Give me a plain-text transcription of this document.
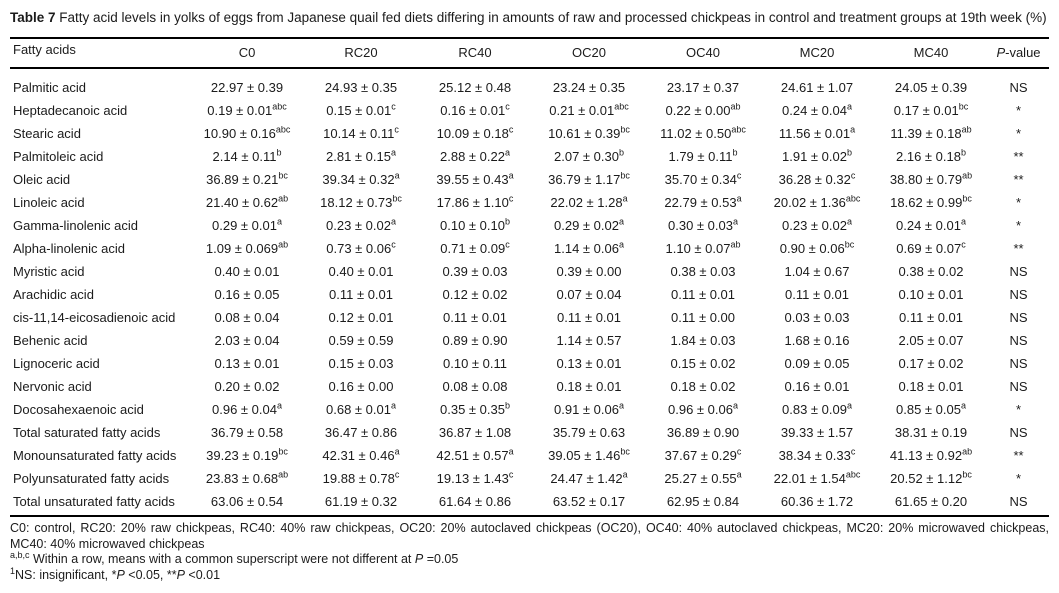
Table 7 Fatty acid levels in yolks of eggs from Japanese quail fed diets differing in amounts of raw and processed chickpeas in control and treatment groups at 19th week (%)
Fatty acids	C0	RC20	RC40	OC20	OC40	MC20	MC40	P-value
Palmitic acid	22.97 ± 0.39	24.93 ± 0.35	25.12 ± 0.48	23.24 ± 0.35	23.17 ± 0.37	24.61 ± 1.07	24.05 ± 0.39	NS
Heptadecanoic acid	0.19 ± 0.01$^{abc}$	0.15 ± 0.01$^c$	0.16 ± 0.01$^c$	0.21 ± 0.01$^{abc}$	0.22 ± 0.00$^{ab}$	0.24 ± 0.04$^a$	0.17 ± 0.01$^{bc}$	*
Stearic acid	10.90 ± 0.16$^{abc}$	10.14 ± 0.11$^c$	10.09 ± 0.18$^c$	10.61 ± 0.39$^{bc}$	11.02 ± 0.50$^{abc}$	11.56 ± 0.01$^a$	11.39 ± 0.18$^{ab}$	*
Palmitoleic acid	2.14 ± 0.11$^b$	2.81 ± 0.15$^a$	2.88 ± 0.22$^a$	2.07 ± 0.30$^b$	1.79 ± 0.11$^b$	1.91 ± 0.02$^b$	2.16 ± 0.18$^b$	**
Oleic acid	36.89 ± 0.21$^{bc}$	39.34 ± 0.32$^a$	39.55 ± 0.43$^a$	36.79 ± 1.17$^{bc}$	35.70 ± 0.34$^c$	36.28 ± 0.32$^c$	38.80 ± 0.79$^{ab}$	**
Linoleic acid	21.40 ± 0.62$^{ab}$	18.12 ± 0.73$^{bc}$	17.86 ± 1.10$^c$	22.02 ± 1.28$^a$	22.79 ± 0.53$^a$	20.02 ± 1.36$^{abc}$	18.62 ± 0.99$^{bc}$	*
Gamma-linolenic acid	0.29 ± 0.01$^a$	0.23 ± 0.02$^a$	0.10 ± 0.10$^b$	0.29 ± 0.02$^a$	0.30 ± 0.03$^a$	0.23 ± 0.02$^a$	0.24 ± 0.01$^a$	*
Alpha-linolenic acid	1.09 ± 0.069$^{ab}$	0.73 ± 0.06$^c$	0.71 ± 0.09$^c$	1.14 ± 0.06$^a$	1.10 ± 0.07$^{ab}$	0.90 ± 0.06$^{bc}$	0.69 ± 0.07$^c$	**
Myristic acid	0.40 ± 0.01	0.40 ± 0.01	0.39 ± 0.03	0.39 ± 0.00	0.38 ± 0.03	1.04 ± 0.67	0.38 ± 0.02	NS
Arachidic acid	0.16 ± 0.05	0.11 ± 0.01	0.12 ± 0.02	0.07 ± 0.04	0.11 ± 0.01	0.11 ± 0.01	0.10 ± 0.01	NS
cis-11,14-eicosadienoic acid	0.08 ± 0.04	0.12 ± 0.01	0.11 ± 0.01	0.11 ± 0.01	0.11 ± 0.00	0.03 ± 0.03	0.11 ± 0.01	NS
Behenic acid	2.03 ± 0.04	0.59 ± 0.59	0.89 ± 0.90	1.14 ± 0.57	1.84 ± 0.03	1.68 ± 0.16	2.05 ± 0.07	NS
Lignoceric acid	0.13 ± 0.01	0.15 ± 0.03	0.10 ± 0.11	0.13 ± 0.01	0.15 ± 0.02	0.09 ± 0.05	0.17 ± 0.02	NS
Nervonic acid	0.20 ± 0.02	0.16 ± 0.00	0.08 ± 0.08	0.18 ± 0.01	0.18 ± 0.02	0.16 ± 0.01	0.18 ± 0.01	NS
Docosahexaenoic acid	0.96 ± 0.04$^a$	0.68 ± 0.01$^a$	0.35 ± 0.35$^b$	0.91 ± 0.06$^a$	0.96 ± 0.06$^a$	0.83 ± 0.09$^a$	0.85 ± 0.05$^a$	*
Total saturated fatty acids	36.79 ± 0.58	36.47 ± 0.86	36.87 ± 1.08	35.79 ± 0.63	36.89 ± 0.90	39.33 ± 1.57	38.31 ± 0.19	NS
Monounsaturated fatty acids	39.23 ± 0.19$^{bc}$	42.31 ± 0.46$^a$	42.51 ± 0.57$^a$	39.05 ± 1.46$^{bc}$	37.67 ± 0.29$^c$	38.34 ± 0.33$^c$	41.13 ± 0.92$^{ab}$	**
Polyunsaturated fatty acids	23.83 ± 0.68$^{ab}$	19.88 ± 0.78$^c$	19.13 ± 1.43$^c$	24.47 ± 1.42$^a$	25.27 ± 0.55$^a$	22.01 ± 1.54$^{abc}$	20.52 ± 1.12$^{bc}$	*
Total unsaturated fatty acids	63.06 ± 0.54	61.19 ± 0.32	61.64 ± 0.86	63.52 ± 0.17	62.95 ± 0.84	60.36 ± 1.72	61.65 ± 0.20	NS
C0: control, RC20: 20% raw chickpeas, RC40: 40% raw chickpeas, OC20: 20% autoclaved chickpeas (OC20), OC40: 40% autoclaved chickpeas, MC20: 20% microwaved chickpeas, MC40: 40% microwaved chickpeas
$^{a,b,c}$ Within a row, means with a common superscript were not different at P =0.05
$^1$NS: insignificant, *P <0.05, **P <0.01
